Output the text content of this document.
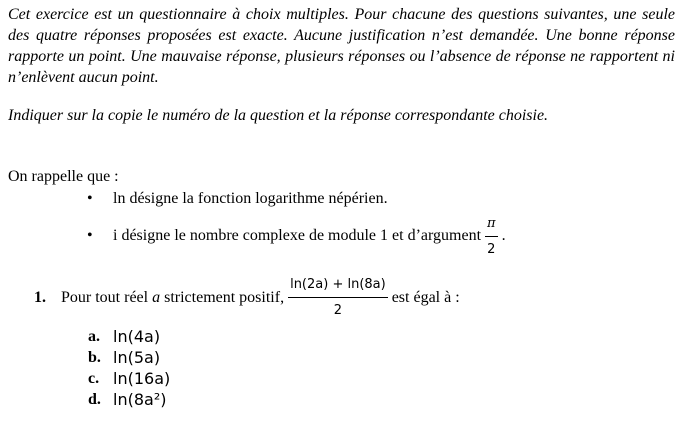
Cet exercice est un questionnaire à choix multiples. Pour chacune des questions suivantes, une seule des quatre réponses proposées est exacte. Aucune justification n’est demandée. Une bonne réponse rapporte un point. Une mauvaise réponse, plusieurs réponses ou l’absence de réponse ne rapportent ni n’enlèvent aucun point.

Indiquer sur la copie le numéro de la question et la réponse correspondante choisie.
On rappelle que :
• ln désigne la fonction logarithme népérien.
• i désigne le nombre complexe de module 1 et d’argument $\frac{\pi}{2}$ .
1. Pour tout réel
a
strictement positif, $\frac{\ln(2a) + \ln(8a)}{2}$ est égal à :
a. ln(4a)
b. ln(5a)
c. ln(16a)
d. ln(8a²)
